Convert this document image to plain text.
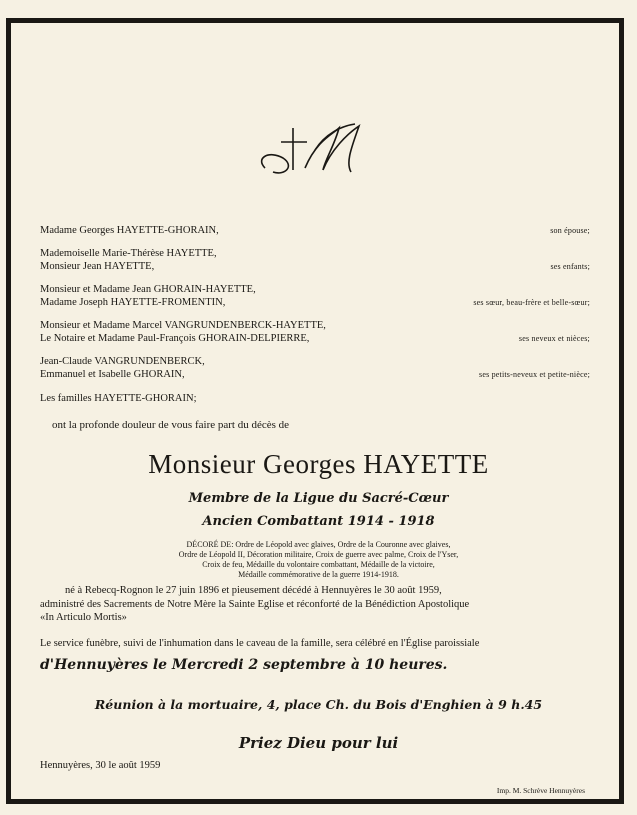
Madame Georges HAYETTE-GHORAIN,	son épouse;
Mademoiselle Marie-Thérèse HAYETTE,
Monsieur Jean HAYETTE,	ses enfants;
Monsieur et Madame Jean GHORAIN-HAYETTE,
Madame Joseph HAYETTE-FROMENTIN,	ses sœur, beau-frère et belle-sœur;
Monsieur et Madame Marcel VANGRUNDENBERCK-HAYETTE,
Le Notaire et Madame Paul-François GHORAIN-DELPIERRE,	ses neveux et nièces;
Jean-Claude VANGRUNDENBERCK,
Emmanuel et Isabelle GHORAIN,	ses petits-neveux et petite-nièce;
Les familles HAYETTE-GHORAIN;
ont la profonde douleur de vous faire part du décès de
Monsieur Georges HAYETTE
Membre de la Ligue du Sacré-Cœur
Ancien Combattant 1914 - 1918
DÉCORÉ DE: Ordre de Léopold avec glaives, Ordre de la Couronne avec glaives,
Ordre de Léopold II, Décoration militaire, Croix de guerre avec palme, Croix de l'Yser,
Croix de feu, Médaille du volontaire combattant, Médaille de la victoire,
Médaille commémorative de la guerre 1914-1918.
né à Rebecq-Rognon le 27 juin 1896 et pieusement décédé à Hennuyères le 30 août 1959,
administré des Sacrements de Notre Mère la Sainte Eglise et réconforté de la Bénédiction Apostolique
«In Articulo Mortis»
Le service funèbre, suivi de l'inhumation dans le caveau de la famille, sera célébré en l'Église paroissiale
d'Hennuyères le Mercredi 2 septembre à 10 heures.
Réunion à la mortuaire, 4, place Ch. du Bois d'Enghien à 9 h.45
Priez Dieu pour lui
Hennuyères, 30 le août 1959
Imp. M. Schrève Hennuyères
